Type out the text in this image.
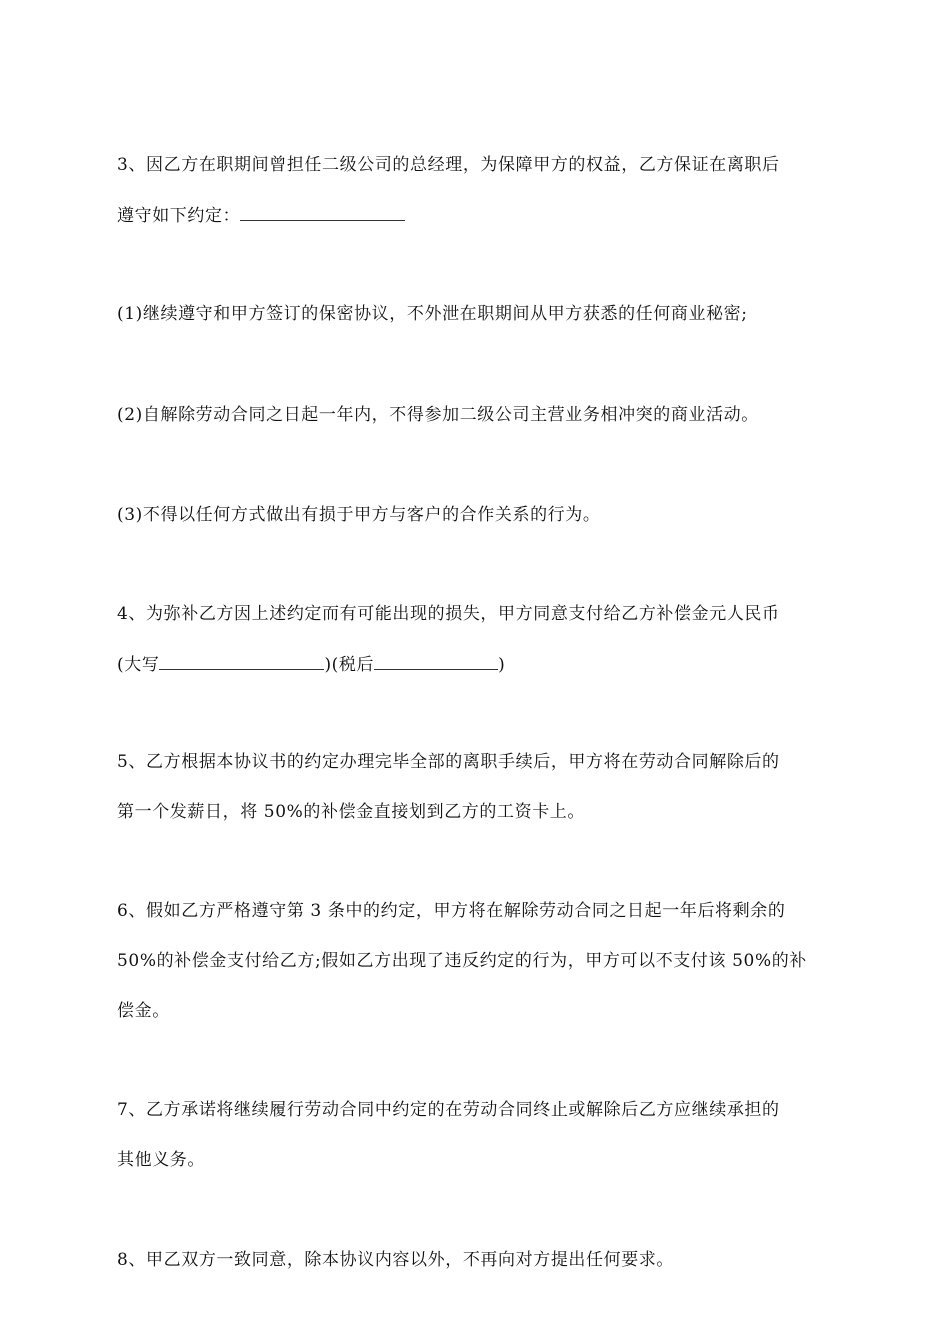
3、因乙方在职期间曾担任二级公司的总经理，为保障甲方的权益，乙方保证在离职后
遵守如下约定：
(1)继续遵守和甲方签订的保密协议，不外泄在职期间从甲方获悉的任何商业秘密;
(2)自解除劳动合同之日起一年内，不得参加二级公司主营业务相冲突的商业活动。
(3)不得以任何方式做出有损于甲方与客户的合作关系的行为。
4、为弥补乙方因上述约定而有可能出现的损失，甲方同意支付给乙方补偿金元人民币
(大写	)(税后	)
5、乙方根据本协议书的约定办理完毕全部的离职手续后，甲方将在劳动合同解除后的
第一个发薪日，将 50%的补偿金直接划到乙方的工资卡上。
6、假如乙方严格遵守第 3 条中的约定，甲方将在解除劳动合同之日起一年后将剩余的
50%的补偿金支付给乙方;假如乙方出现了违反约定的行为，甲方可以不支付该 50%的补
偿金。
7、乙方承诺将继续履行劳动合同中约定的在劳动合同终止或解除后乙方应继续承担的
其他义务。
8、甲乙双方一致同意，除本协议内容以外，不再向对方提出任何要求。
